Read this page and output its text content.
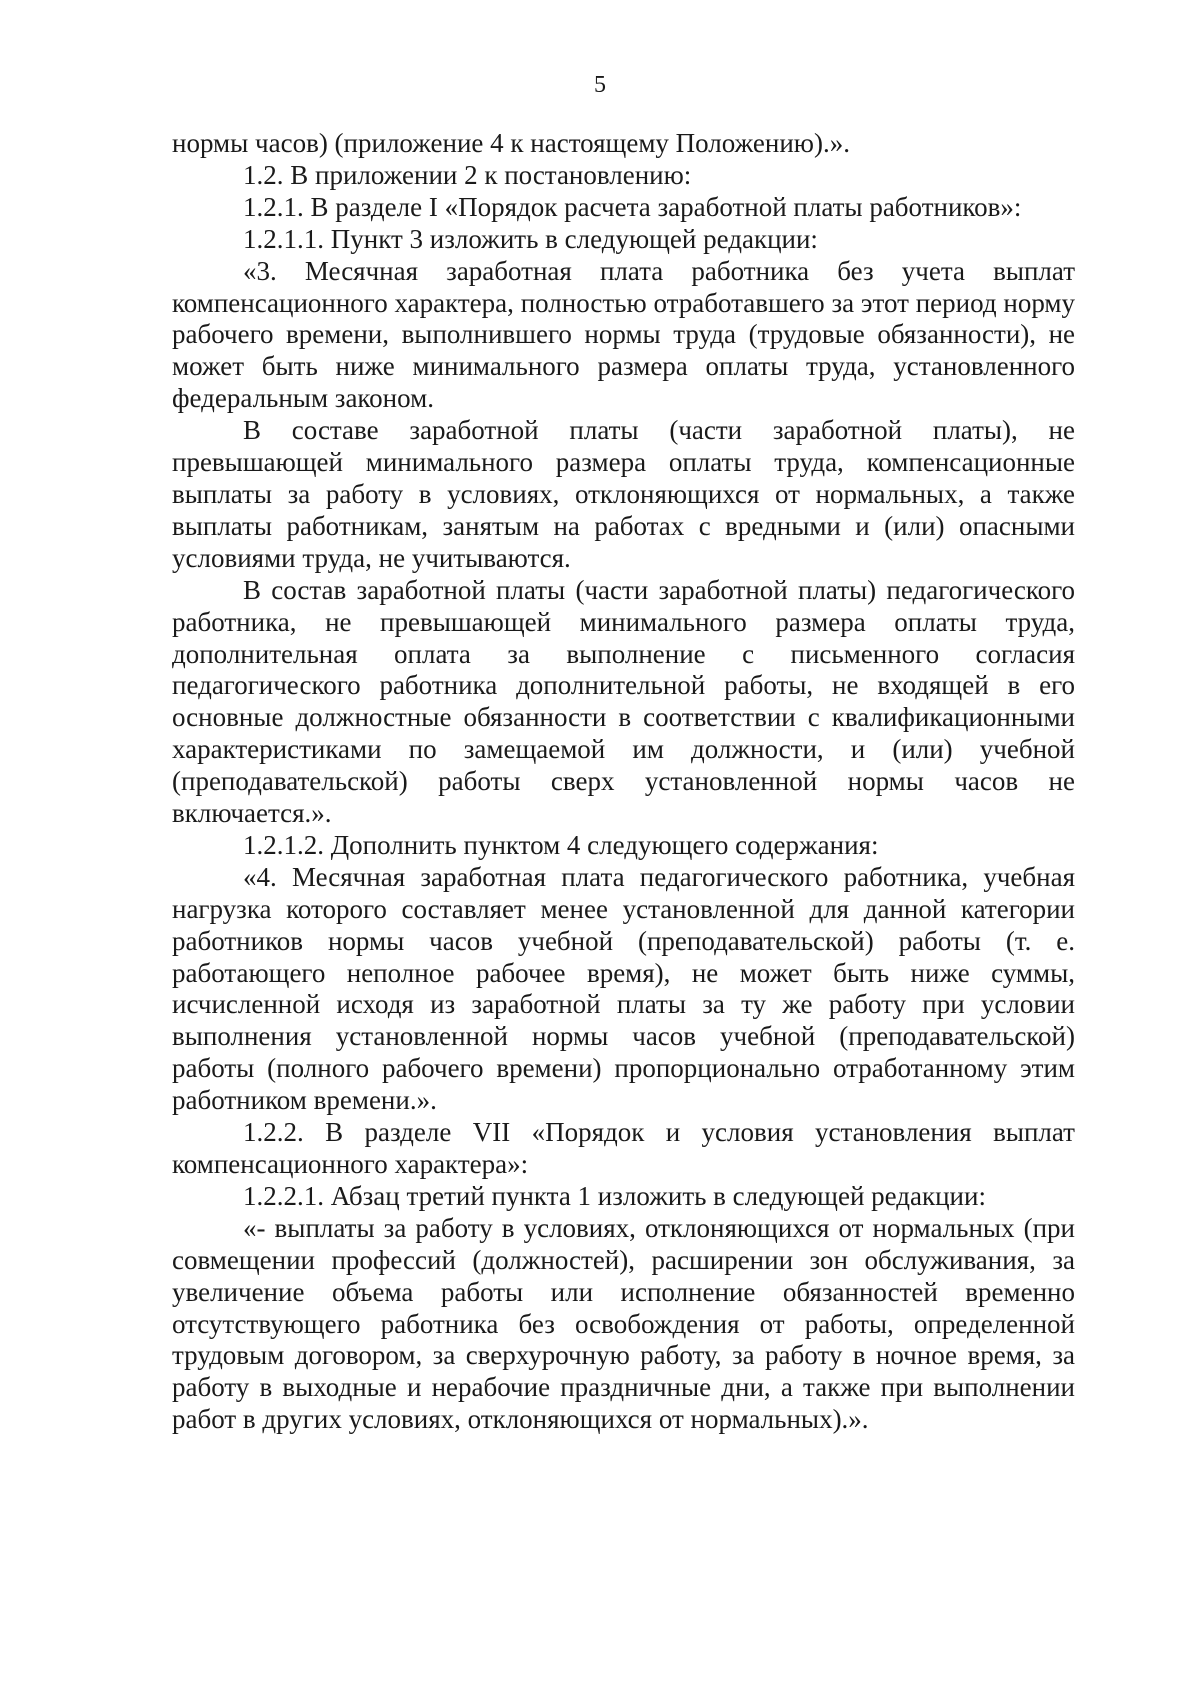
5

нормы часов) (приложение 4 к настоящему Положению).».

1.2. В приложении 2 к постановлению:

1.2.1. В разделе I «Порядок расчета заработной платы работников»:

1.2.1.1. Пункт 3 изложить в следующей редакции:

«3. Месячная заработная плата работника без учета выплат компенсационного характера, полностью отработавшего за этот период норму рабочего времени, выполнившего нормы труда (трудовые обязанности), не может быть ниже минимального размера оплаты труда, установленного федеральным законом.

В составе заработной платы (части заработной платы), не превышающей минимального размера оплаты труда, компенсационные выплаты за работу в условиях, отклоняющихся от нормальных, а также выплаты работникам, занятым на работах с вредными и (или) опасными условиями труда, не учитываются.

В состав заработной платы (части заработной платы) педагогического работника, не превышающей минимального размера оплаты труда, дополнительная оплата за выполнение с письменного согласия педагогического работника дополнительной работы, не входящей в его основные должностные обязанности в соответствии с квалификационными характеристиками по замещаемой им должности, и (или) учебной (преподавательской) работы сверх установленной нормы часов не включается.».

1.2.1.2. Дополнить пунктом 4 следующего содержания:

«4. Месячная заработная плата педагогического работника, учебная нагрузка которого составляет менее установленной для данной категории работников нормы часов учебной (преподавательской) работы (т. е. работающего неполное рабочее время), не может быть ниже суммы, исчисленной исходя из заработной платы за ту же работу при условии выполнения установленной нормы часов учебной (преподавательской) работы (полного рабочего времени) пропорционально отработанному этим работником времени.».

1.2.2. В разделе VII «Порядок и условия установления выплат компенсационного характера»:

1.2.2.1. Абзац третий пункта 1 изложить в следующей редакции:

«- выплаты за работу в условиях, отклоняющихся от нормальных (при совмещении профессий (должностей), расширении зон обслуживания, за увеличение объема работы или исполнение обязанностей временно отсутствующего работника без освобождения от работы, определенной трудовым договором, за сверхурочную работу, за работу в ночное время, за работу в выходные и нерабочие праздничные дни, а также при выполнении работ в других условиях, отклоняющихся от нормальных).».
